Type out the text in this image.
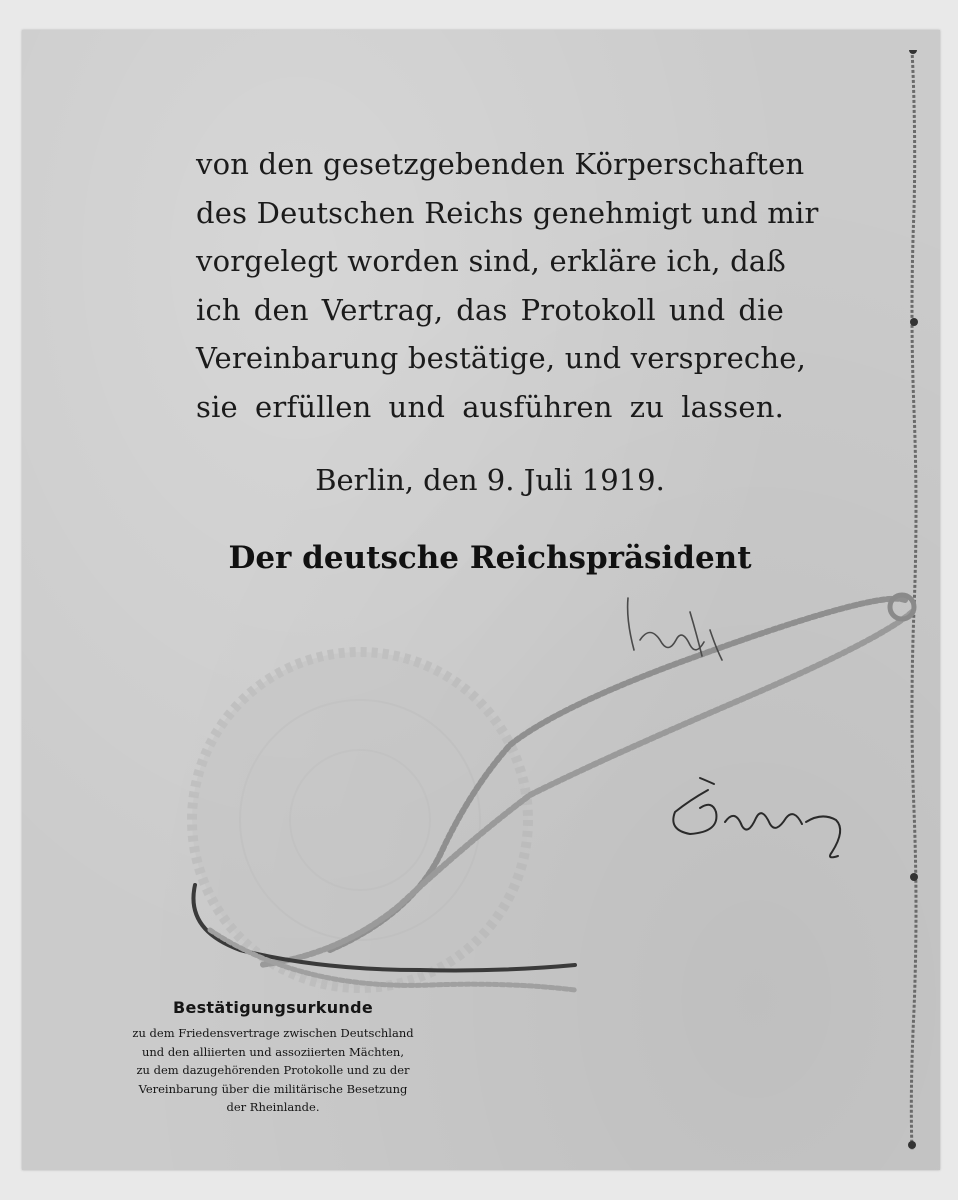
von den gesetzgebenden Körperschaften
des Deutschen Reichs genehmigt und mir
vorgelegt worden sind, erkläre ich, daß
ich den Vertrag, das Protokoll und die
Vereinbarung bestätige, und verspreche,
sie erfüllen und ausführen zu lassen.
Berlin, den 9. Juli 1919.
Der deutsche Reichspräsident
Bestätigungsurkunde
zu dem Friedensvertrage zwischen Deutschland
und den alliierten und assoziierten Mächten,
zu dem dazugehörenden Protokolle und zu der
Vereinbarung über die militärische Besetzung
der Rheinlande.
